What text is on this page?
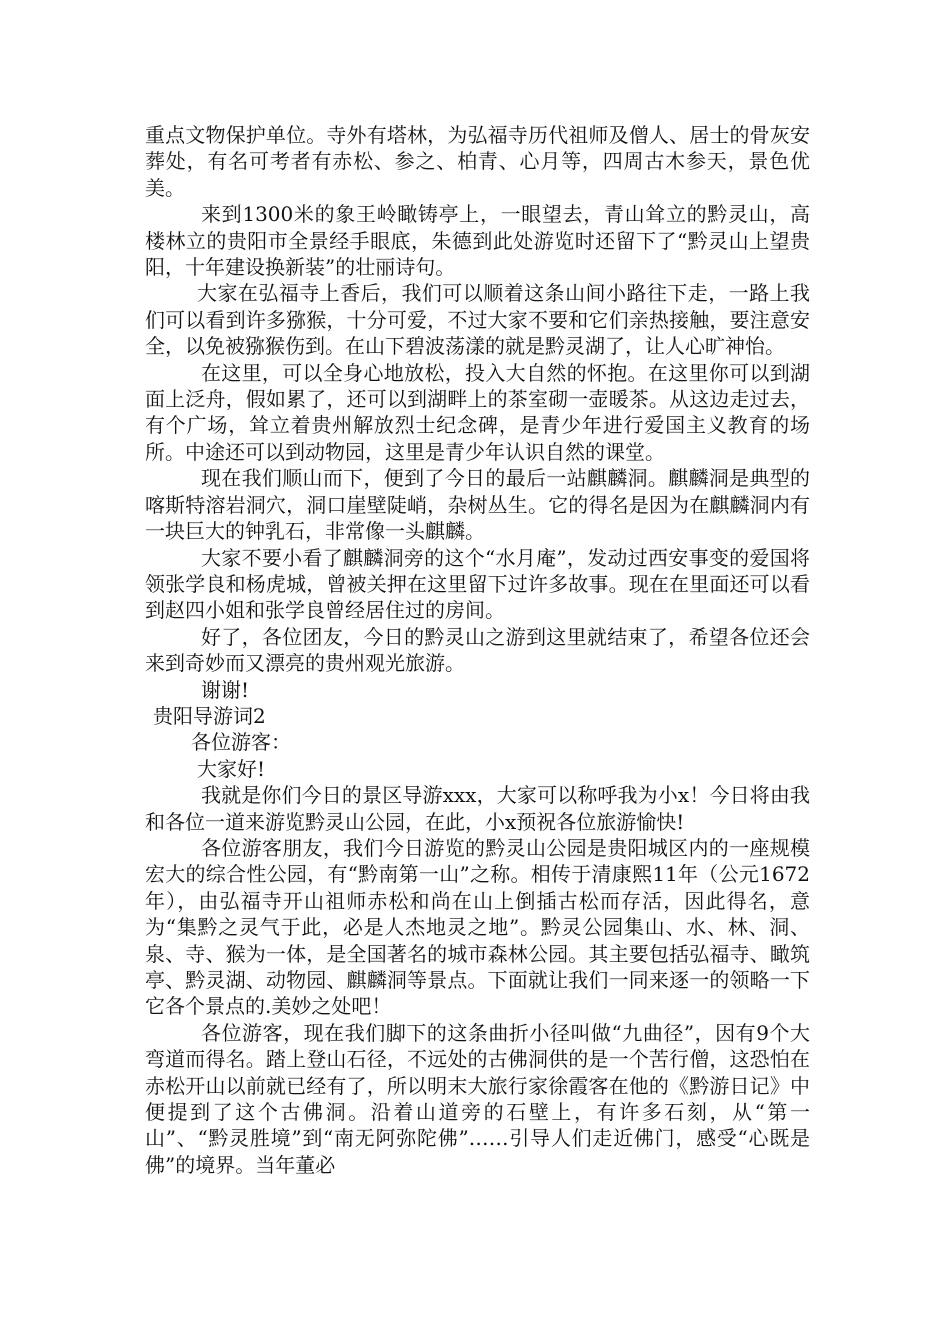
重点文物保护单位。寺外有塔林，为弘福寺历代祖师及僧人、居士的骨灰安葬处，有名可考者有赤松、参之、柏青、心月等，四周古木参天，景色优美。

来到1300米的象王岭瞰铸亭上，一眼望去，青山耸立的黔灵山，高楼林立的贵阳市全景经手眼底，朱德到此处游览时还留下了“黔灵山上望贵阳，十年建设换新装”的壮丽诗句。

大家在弘福寺上香后，我们可以顺着这条山间小路往下走，一路上我们可以看到许多猕猴，十分可爱，不过大家不要和它们亲热接触，要注意安全，以免被猕猴伤到。在山下碧波荡漾的就是黔灵湖了，让人心旷神怡。

在这里，可以全身心地放松，投入大自然的怀抱。在这里你可以到湖面上泛舟，假如累了，还可以到湖畔上的茶室砌一壶暖茶。从这边走过去，有个广场，耸立着贵州解放烈士纪念碑，是青少年进行爱国主义教育的场所。中途还可以到动物园，这里是青少年认识自然的课堂。

现在我们顺山而下，便到了今日的最后一站麒麟洞。麒麟洞是典型的喀斯特溶岩洞穴，洞口崖壁陡峭，杂树丛生。它的得名是因为在麒麟洞内有一块巨大的钟乳石，非常像一头麒麟。

大家不要小看了麒麟洞旁的这个“水月庵”，发动过西安事变的爱国将领张学良和杨虎城，曾被关押在这里留下过许多故事。现在在里面还可以看到赵四小姐和张学良曾经居住过的房间。

好了，各位团友，今日的黔灵山之游到这里就结束了，希望各位还会来到奇妙而又漂亮的贵州观光旅游。

谢谢!

贵阳导游词2

各位游客：

大家好!

我就是你们今日的景区导游xxx，大家可以称呼我为小x！今日将由我和各位一道来游览黔灵山公园，在此，小x预祝各位旅游愉快!

各位游客朋友，我们今日游览的黔灵山公园是贵阳城区内的一座规模宏大的综合性公园，有“黔南第一山”之称。相传于清康熙11年（公元1672年），由弘福寺开山祖师赤松和尚在山上倒插古松而存活，因此得名，意为“集黔之灵气于此，必是人杰地灵之地”。黔灵公园集山、水、林、洞、泉、寺、猴为一体，是全国著名的城市森林公园。其主要包括弘福寺、瞰筑亭、黔灵湖、动物园、麒麟洞等景点。下面就让我们一同来逐一的领略一下它各个景点的.美妙之处吧！

各位游客，现在我们脚下的这条曲折小径叫做“九曲径”，因有9个大弯道而得名。踏上登山石径，不远处的古佛洞供的是一个苦行僧，这恐怕在赤松开山以前就已经有了，所以明末大旅行家徐霞客在他的《黔游日记》中便提到了这个古佛洞。沿着山道旁的石壁上，有许多石刻，从“第一山”、“黔灵胜境”到“南无阿弥陀佛”……引导人们走近佛门，感受“心既是佛”的境界。当年董必
